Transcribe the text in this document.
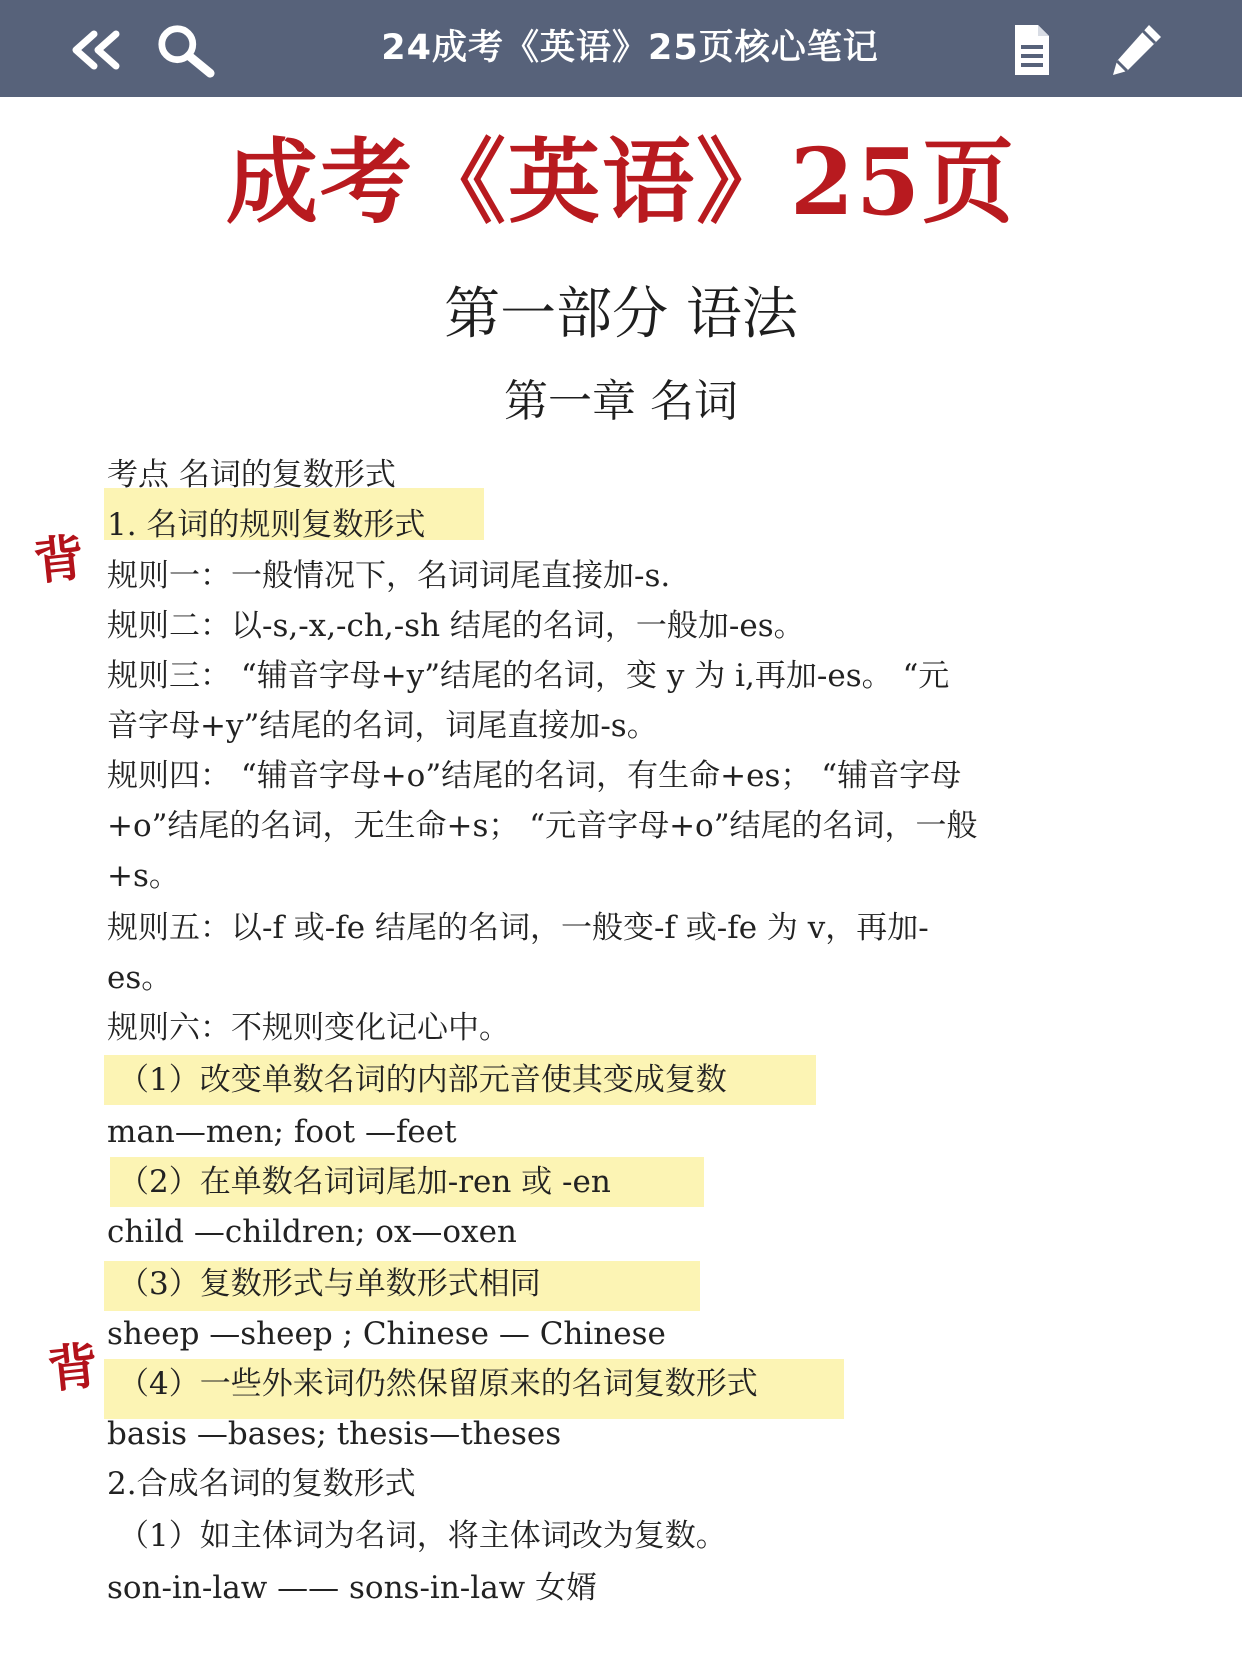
24成考《英语》25页核心笔记
成考《英语》25页
第一部分 语法
第一章 名词
背
背
考点 名词的复数形式
1. 名词的规则复数形式
规则一：一般情况下，名词词尾直接加-s.
规则二：以-s,-x,-ch,-sh 结尾的名词，一般加-es。
规则三： “辅音字母+y”结尾的名词，变 y 为 i,再加-es。 “元
音字母+y”结尾的名词，词尾直接加-s。
规则四： “辅音字母+o”结尾的名词，有生命+es； “辅音字母
+o”结尾的名词，无生命+s； “元音字母+o”结尾的名词，一般
+s。
规则五：以-f 或-fe 结尾的名词，一般变-f 或-fe 为 v，再加-
es。
规则六：不规则变化记心中。
（1）改变单数名词的内部元音使其变成复数
man—men; foot —feet
（2）在单数名词词尾加-ren 或 -en
child —children; ox—oxen
（3）复数形式与单数形式相同
sheep —sheep ; Chinese — Chinese
（4）一些外来词仍然保留原来的名词复数形式
basis —bases; thesis—theses
2.合成名词的复数形式
（1）如主体词为名词，将主体词改为复数。
son-in-law —— sons-in-law 女婿
